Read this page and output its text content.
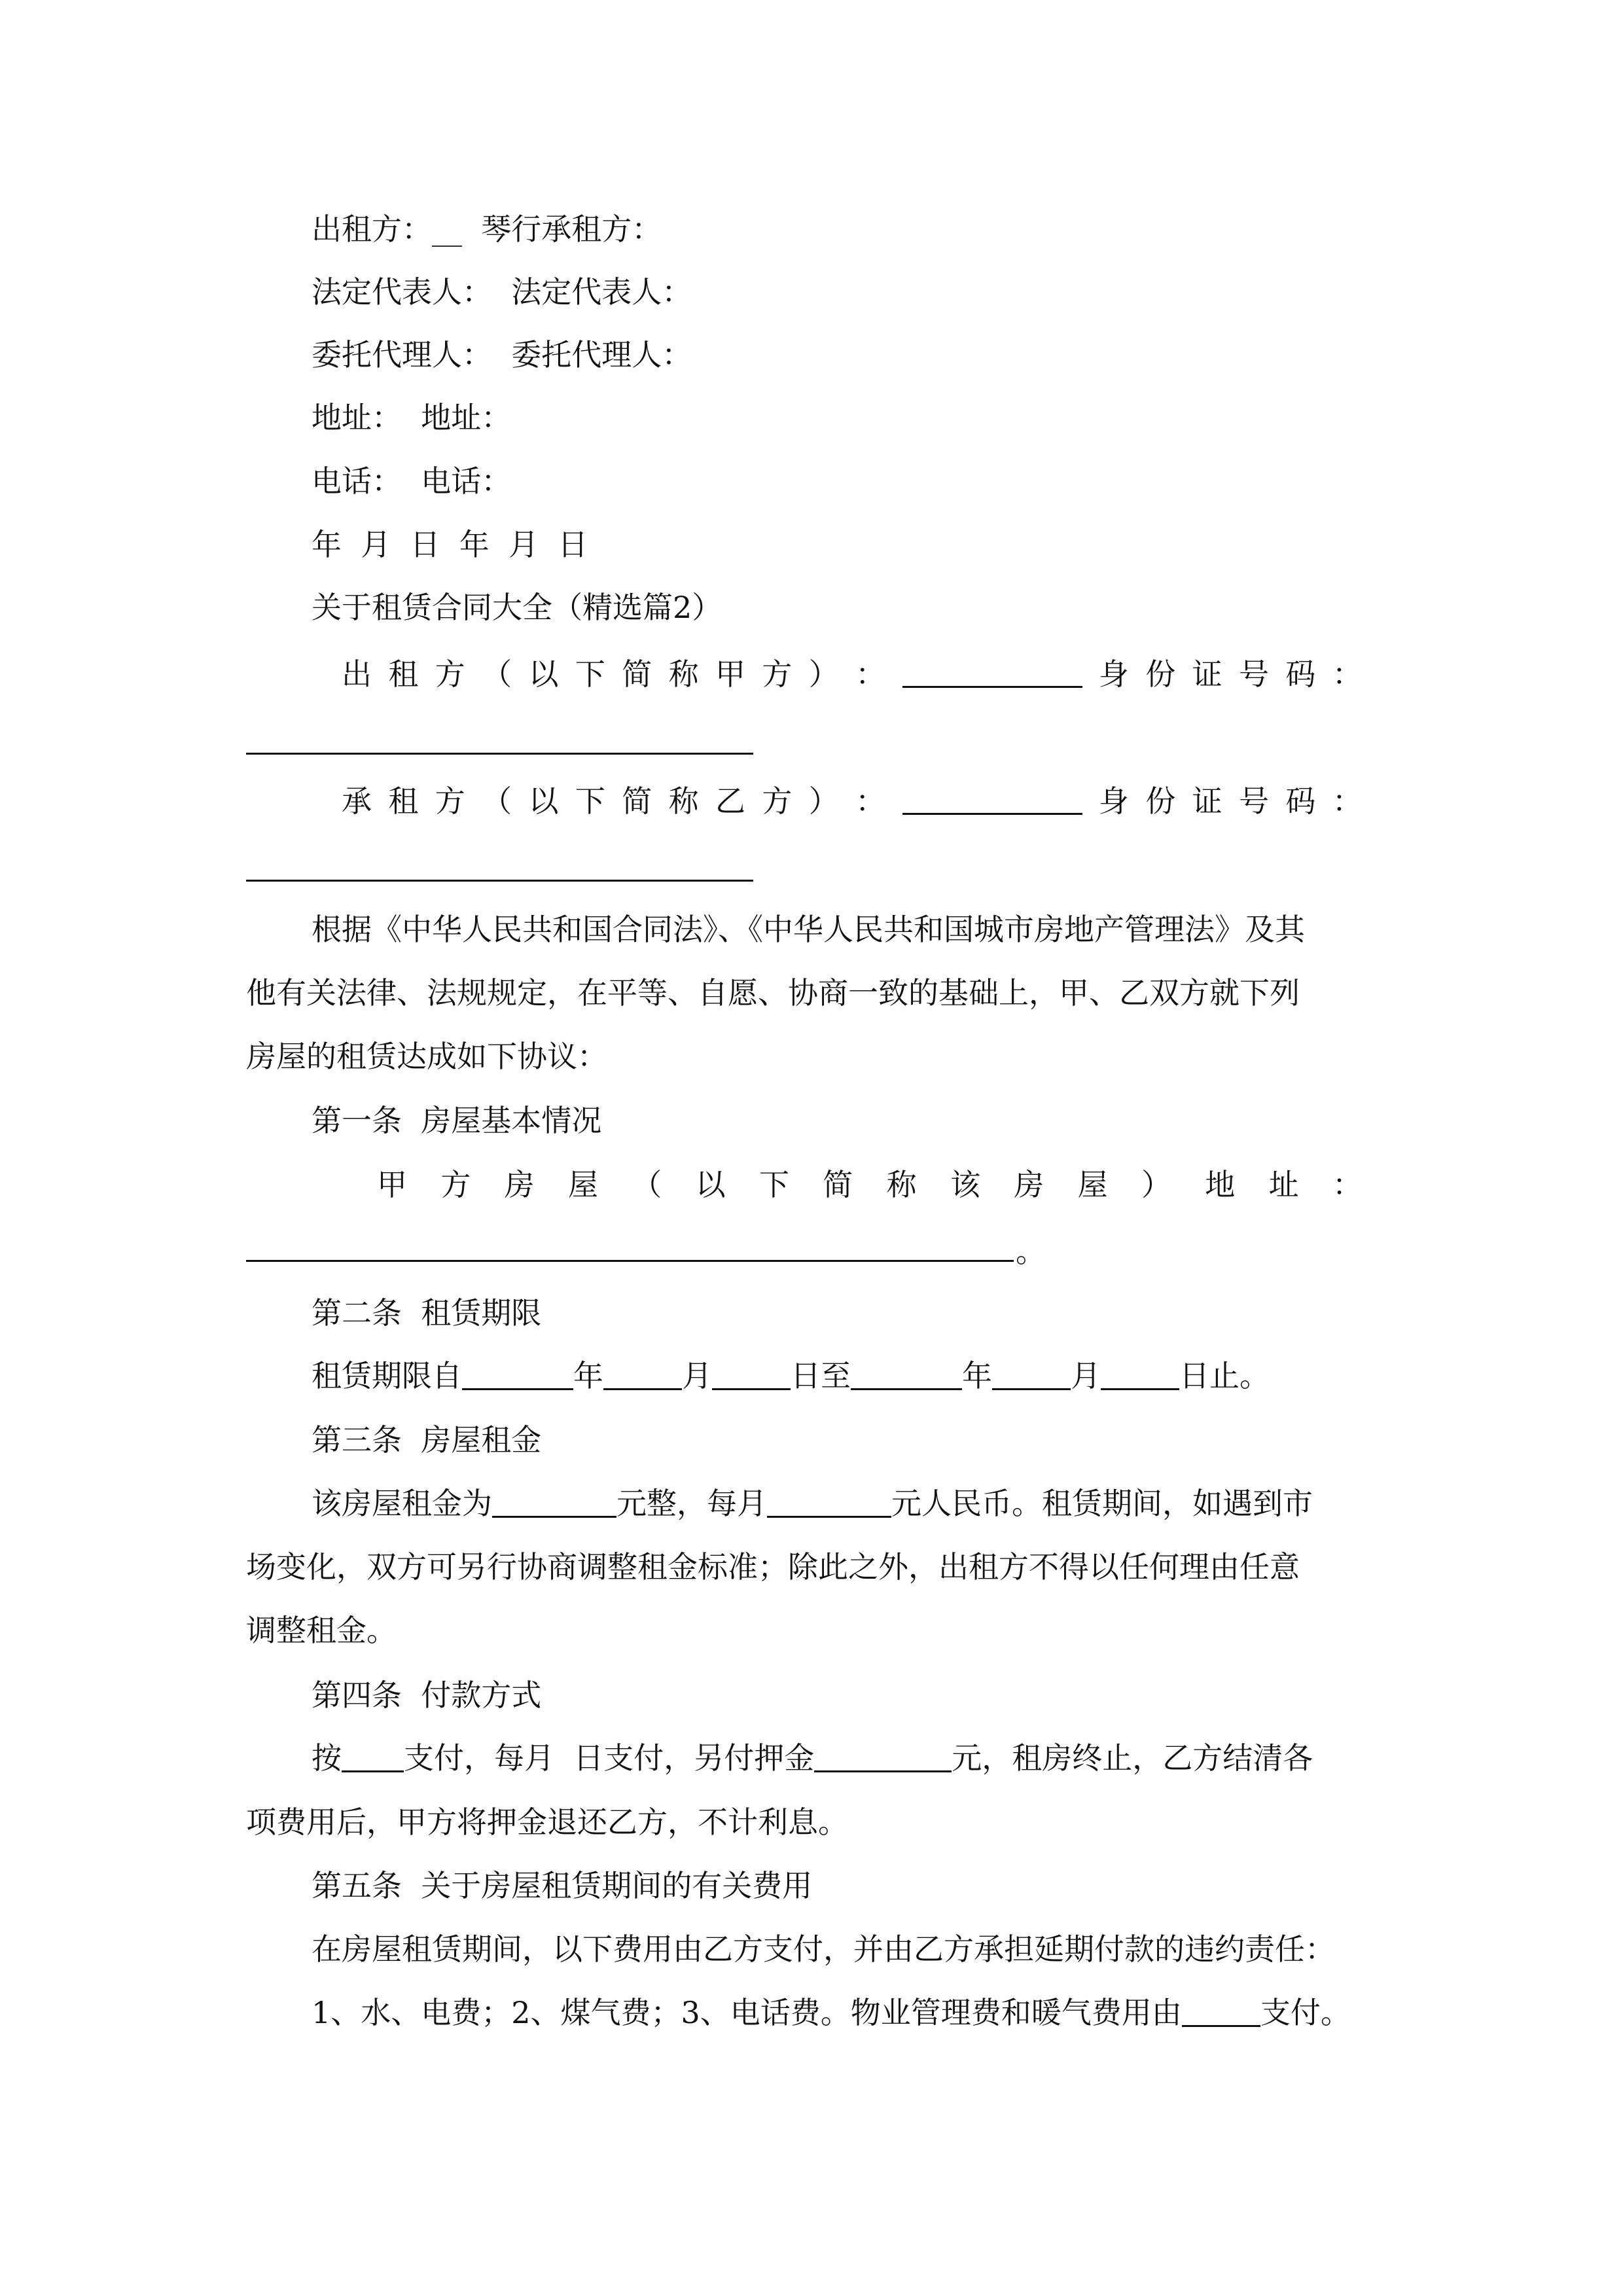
出租方：__  琴行承租方：

法定代表人：  法定代表人：

委托代理人：  委托代理人：

地址：  地址：

电话：  电话：

年  月  日  年  月  日

关于租赁合同大全（精选篇2）

出 租 方 （ 以 下 简 称 甲 方 ） ：	身 份 证 号 码 ：
承 租 方 （ 以 下 简 称 乙 方 ） ：	身 份 证 号 码 ：

根据《中华人民共和国合同法》、《中华人民共和国城市房地产管理法》及其

他有关法律、法规规定，在平等、自愿、协商一致的基础上，甲、乙双方就下列

房屋的租赁达成如下协议：

第一条  房屋基本情况

甲 方 房 屋 （ 以 下 简 称 该 房 屋 ） 地 址 ：

。

第二条  租赁期限

租赁期限自	年	月	日至	年	月	日止。

第三条  房屋租金

该房屋租金为	元整，每月	元人民币。租赁期间，如遇到市

场变化，双方可另行协商调整租金标准；除此之外，出租方不得以任何理由任意

调整租金。

第四条  付款方式

按 支付，每月  日支付，另付押金	元，租房终止，乙方结清各

项费用后，甲方将押金退还乙方，不计利息。

第五条  关于房屋租赁期间的有关费用

在房屋租赁期间，以下费用由乙方支付，并由乙方承担延期付款的违约责任：

1、水、电费；2、煤气费；3、电话费。物业管理费和暖气费用由	支付。
